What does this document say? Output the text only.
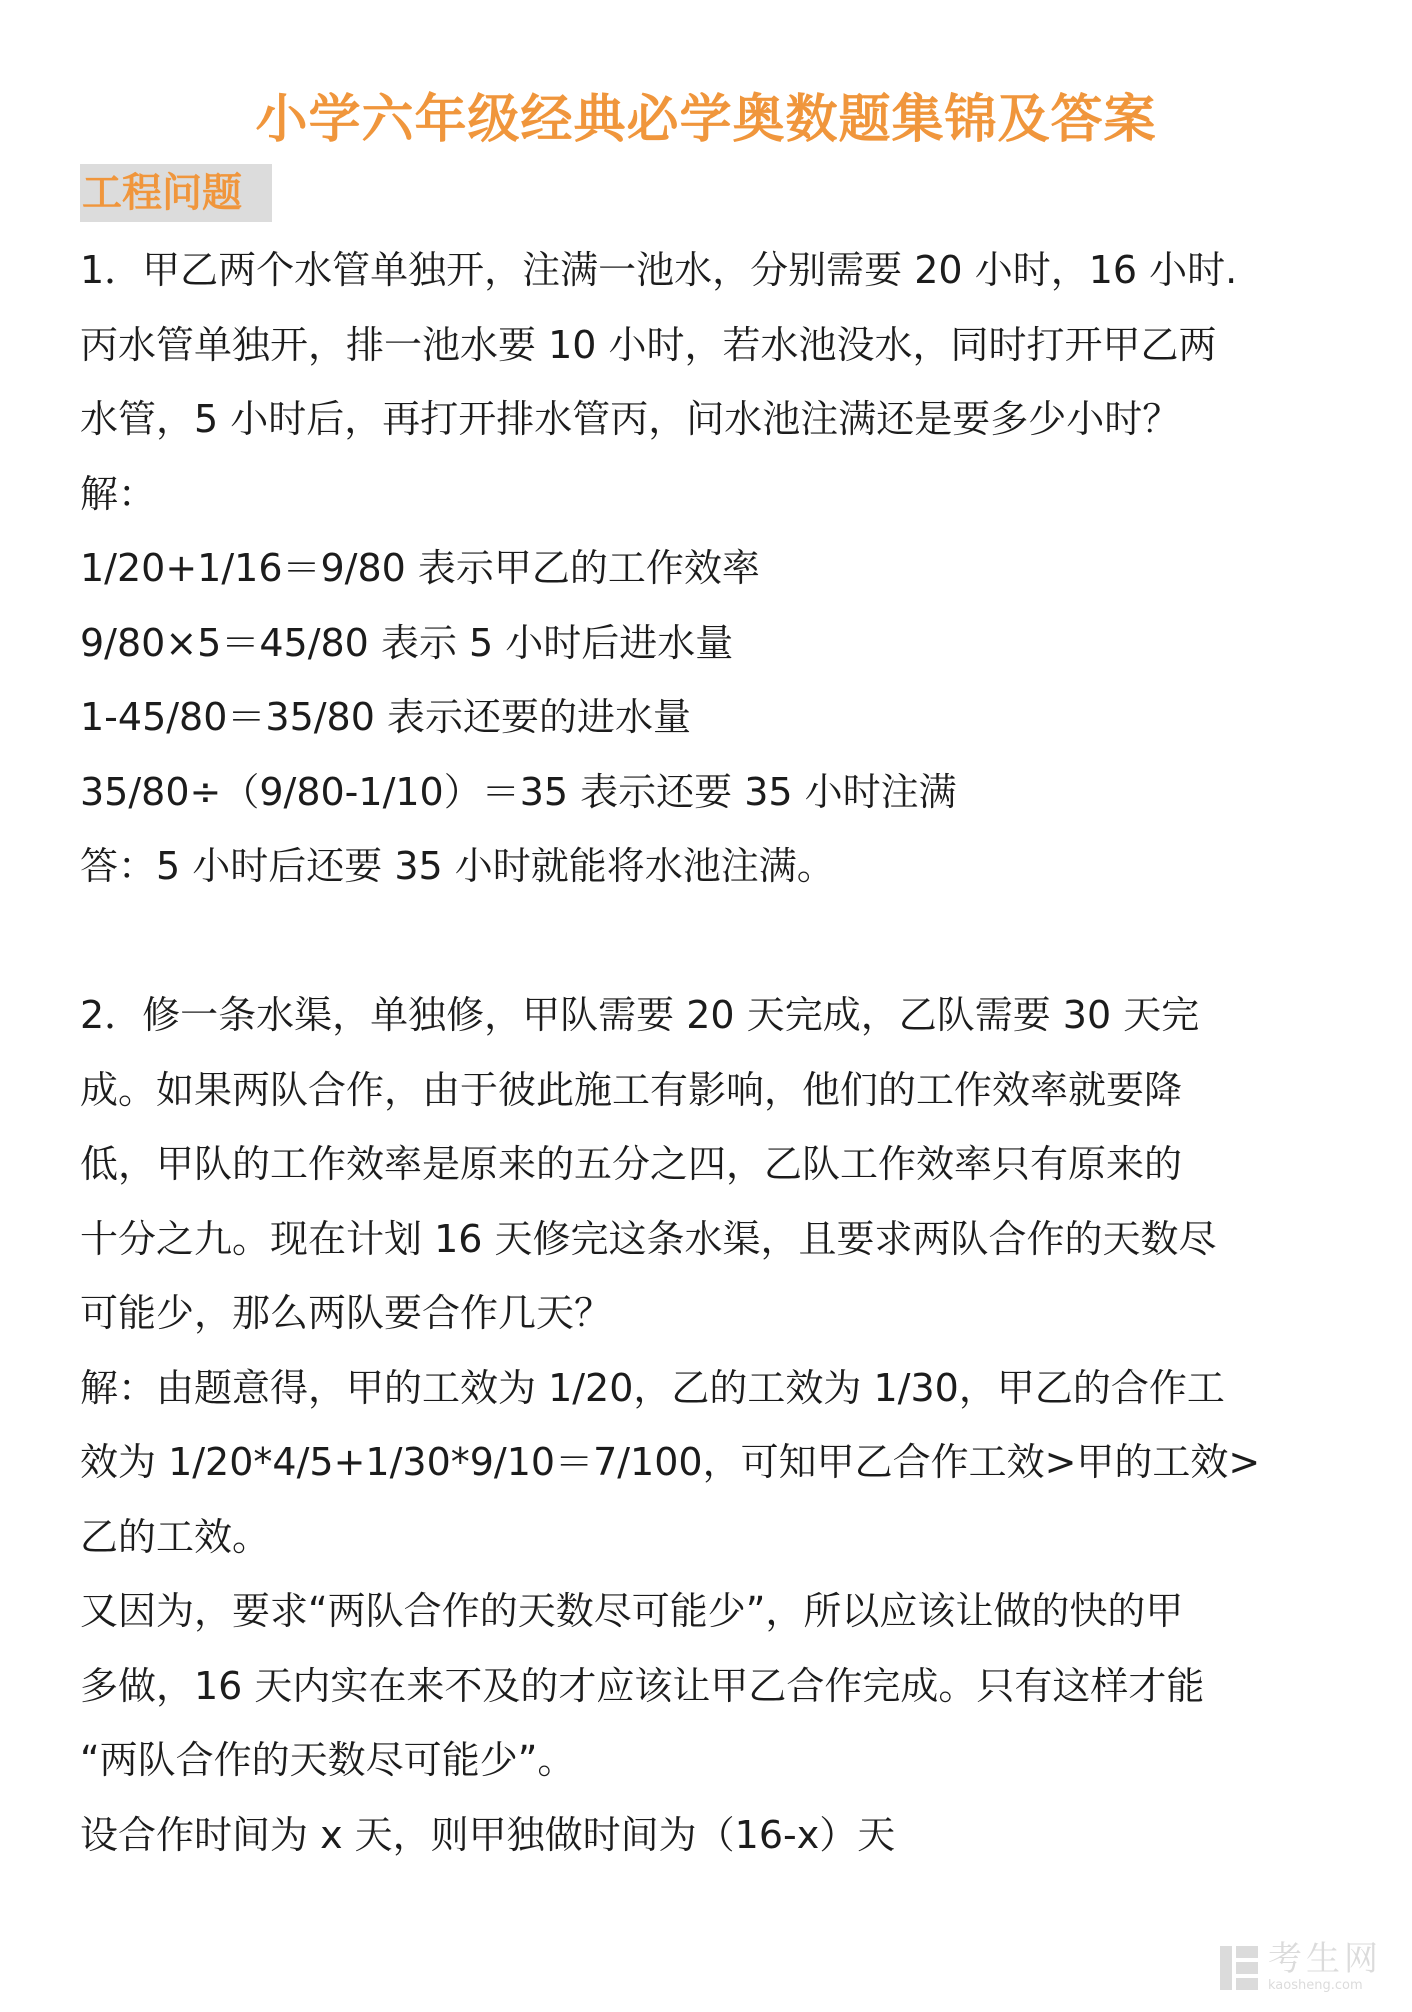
小学六年级经典必学奥数题集锦及答案
工程问题
1．甲乙两个水管单独开，注满一池水，分别需要 20 小时，16 小时.
丙水管单独开，排一池水要 10 小时，若水池没水，同时打开甲乙两
水管，5 小时后，再打开排水管丙，问水池注满还是要多少小时？
解：
1/20+1/16＝9/80 表示甲乙的工作效率
9/80×5＝45/80 表示 5 小时后进水量
1-45/80＝35/80 表示还要的进水量
35/80÷（9/80-1/10）＝35 表示还要 35 小时注满
答：5 小时后还要 35 小时就能将水池注满。
2．修一条水渠，单独修，甲队需要 20 天完成，乙队需要 30 天完
成。如果两队合作，由于彼此施工有影响，他们的工作效率就要降
低，甲队的工作效率是原来的五分之四，乙队工作效率只有原来的
十分之九。现在计划 16 天修完这条水渠，且要求两队合作的天数尽
可能少，那么两队要合作几天？
解：由题意得，甲的工效为 1/20，乙的工效为 1/30，甲乙的合作工
效为 1/20*4/5+1/30*9/10＝7/100，可知甲乙合作工效>甲的工效>
乙的工效。
又因为，要求“两队合作的天数尽可能少”，所以应该让做的快的甲
多做，16 天内实在来不及的才应该让甲乙合作完成。只有这样才能
“两队合作的天数尽可能少”。
设合作时间为 x 天，则甲独做时间为（16-x）天
考生网
kaosheng.com
